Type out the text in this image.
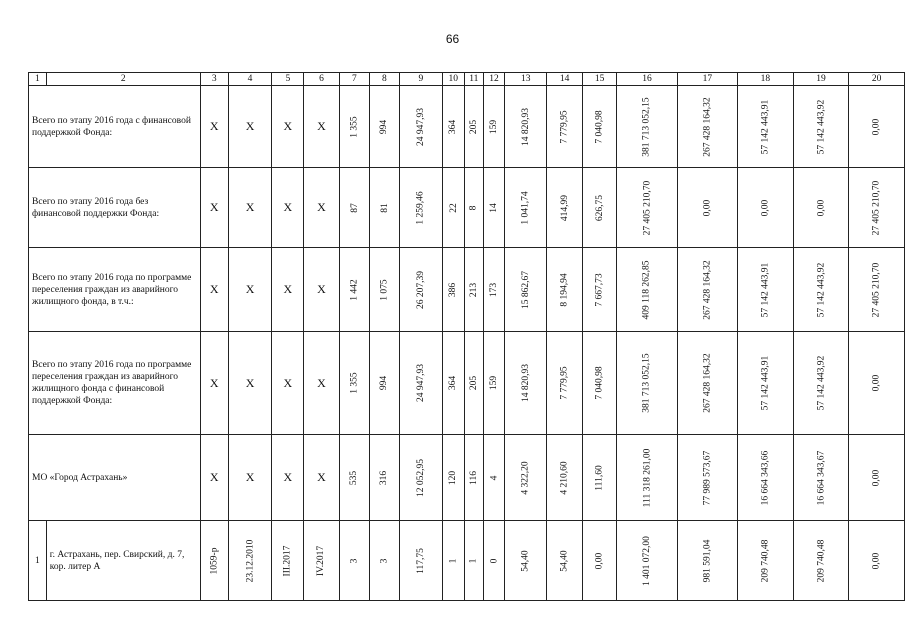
66
1	2	3	4	5	6	7	8	9	10	11	12	13	14	15	16	17	18	19	20
Всего по этапу 2016 года с финансовой поддержкой Фонда:		X	X	X	X	1 355	994	24 947,93	364	205	159	14 820,93	7 779,95	7 040,98	381 713 052,15	267 428 164,32	57 142 443,91	57 142 443,92	0,00
Всего по этапу 2016 года без финансовой поддержки Фонда:		X	X	X	X	87	81	1 259,46	22	8	14	1 041,74	414,99	626,75	27 405 210,70	0,00	0,00	0,00	27 405 210,70
Всего по этапу 2016 года по программе переселения граждан из аварийного жилищного фонда, в т.ч.:		X	X	X	X	1 442	1 075	26 207,39	386	213	173	15 862,67	8 194,94	7 667,73	409 118 262,85	267 428 164,32	57 142 443,91	57 142 443,92	27 405 210,70
Всего по этапу 2016 года по программе переселения граждан из аварийного жилищного фонда с финансовой поддержкой Фонда:		X	X	X	X	1 355	994	24 947,93	364	205	159	14 820,93	7 779,95	7 040,98	381 713 052,15	267 428 164,32	57 142 443,91	57 142 443,92	0,00
МО «Город Астрахань»		X	X	X	X	535	316	12 052,95	120	116	4	4 322,20	4 210,60	111,60	111 318 261,00	77 989 573,67	16 664 343,66	16 664 343,67	0,00
1	г. Астрахань, пер. Свирский, д. 7, кор. литер А	1059-р	23.12.2010	III.2017	IV.2017	3	3	117,75	1	1	0	54,40	54,40	0,00	1 401 072,00	981 591,04	209 740,48	209 740,48	0,00
